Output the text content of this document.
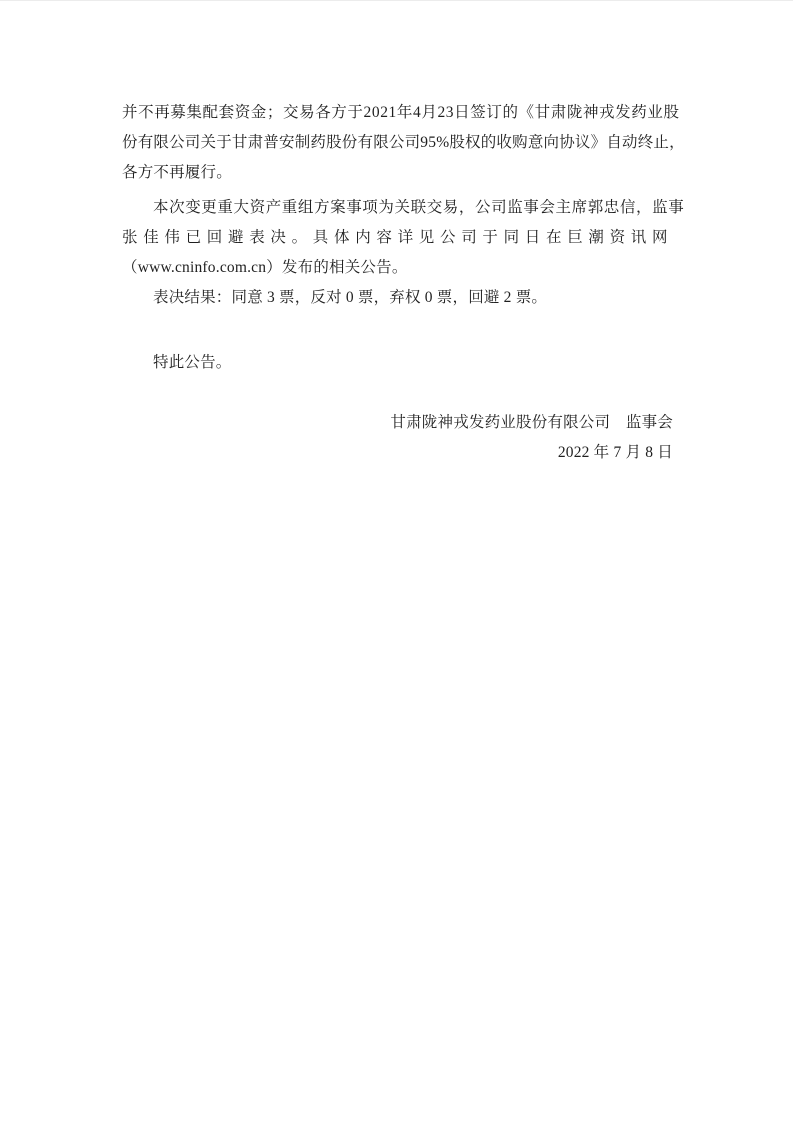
并不再募集配套资金；交易各方于2021年4月23日签订的《甘肃陇神戎发药业股
份有限公司关于甘肃普安制药股份有限公司95%股权的收购意向协议》自动终止，
各方不再履行。
本次变更重大资产重组方案事项为关联交易，公司监事会主席郭忠信，监事
张佳伟已回避表决。具体内容详见公司于同日在巨潮资讯网
（www.cninfo.com.cn）发布的相关公告。
表决结果：同意 3 票，反对 0 票，弃权 0 票，回避 2 票。
特此公告。
甘肃陇神戎发药业股份有限公司　监事会
2022 年 7 月 8 日
